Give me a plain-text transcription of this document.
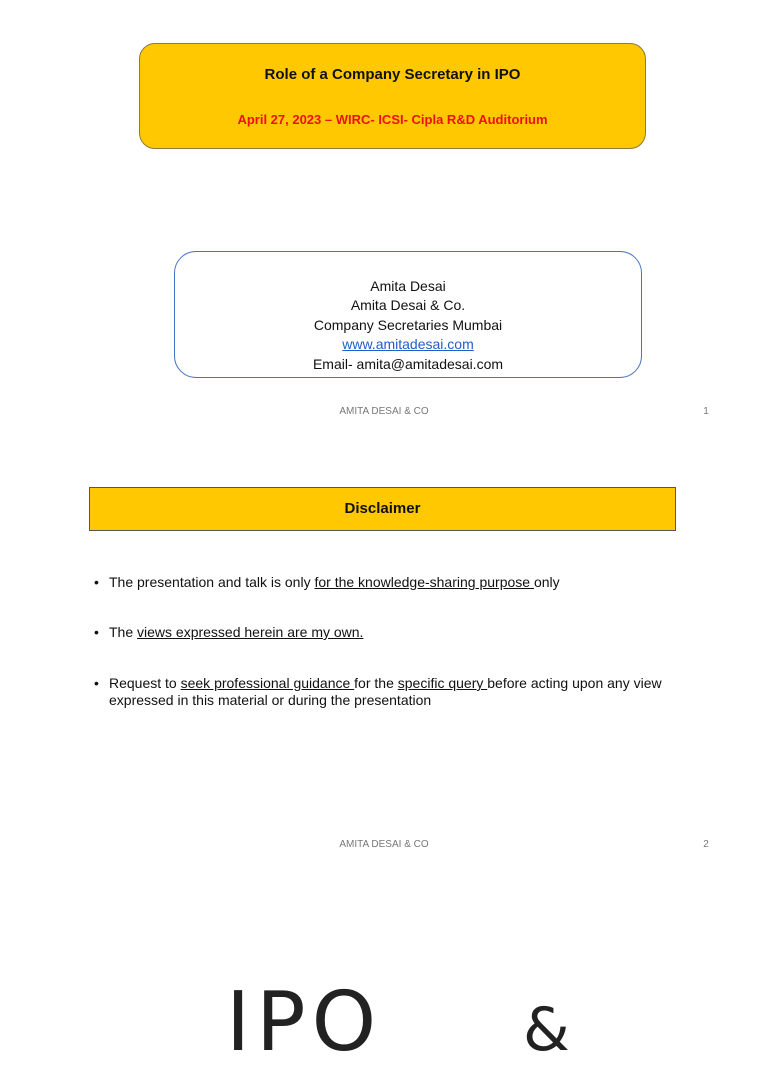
Role of a Company Secretary in IPO
April 27, 2023 – WIRC- ICSI- Cipla R&D Auditorium
Amita Desai
Amita Desai & Co.
Company Secretaries Mumbai
www.amitadesai.com
Email- amita@amitadesai.com
AMITA DESAI & CO	1
Disclaimer
• The presentation and talk is only for the knowledge-sharing purpose only
• The views expressed herein are my own.
• Request to seek professional guidance for the specific query before acting upon any view expressed in this material or during the presentation
AMITA DESAI & CO	2
IPO &
